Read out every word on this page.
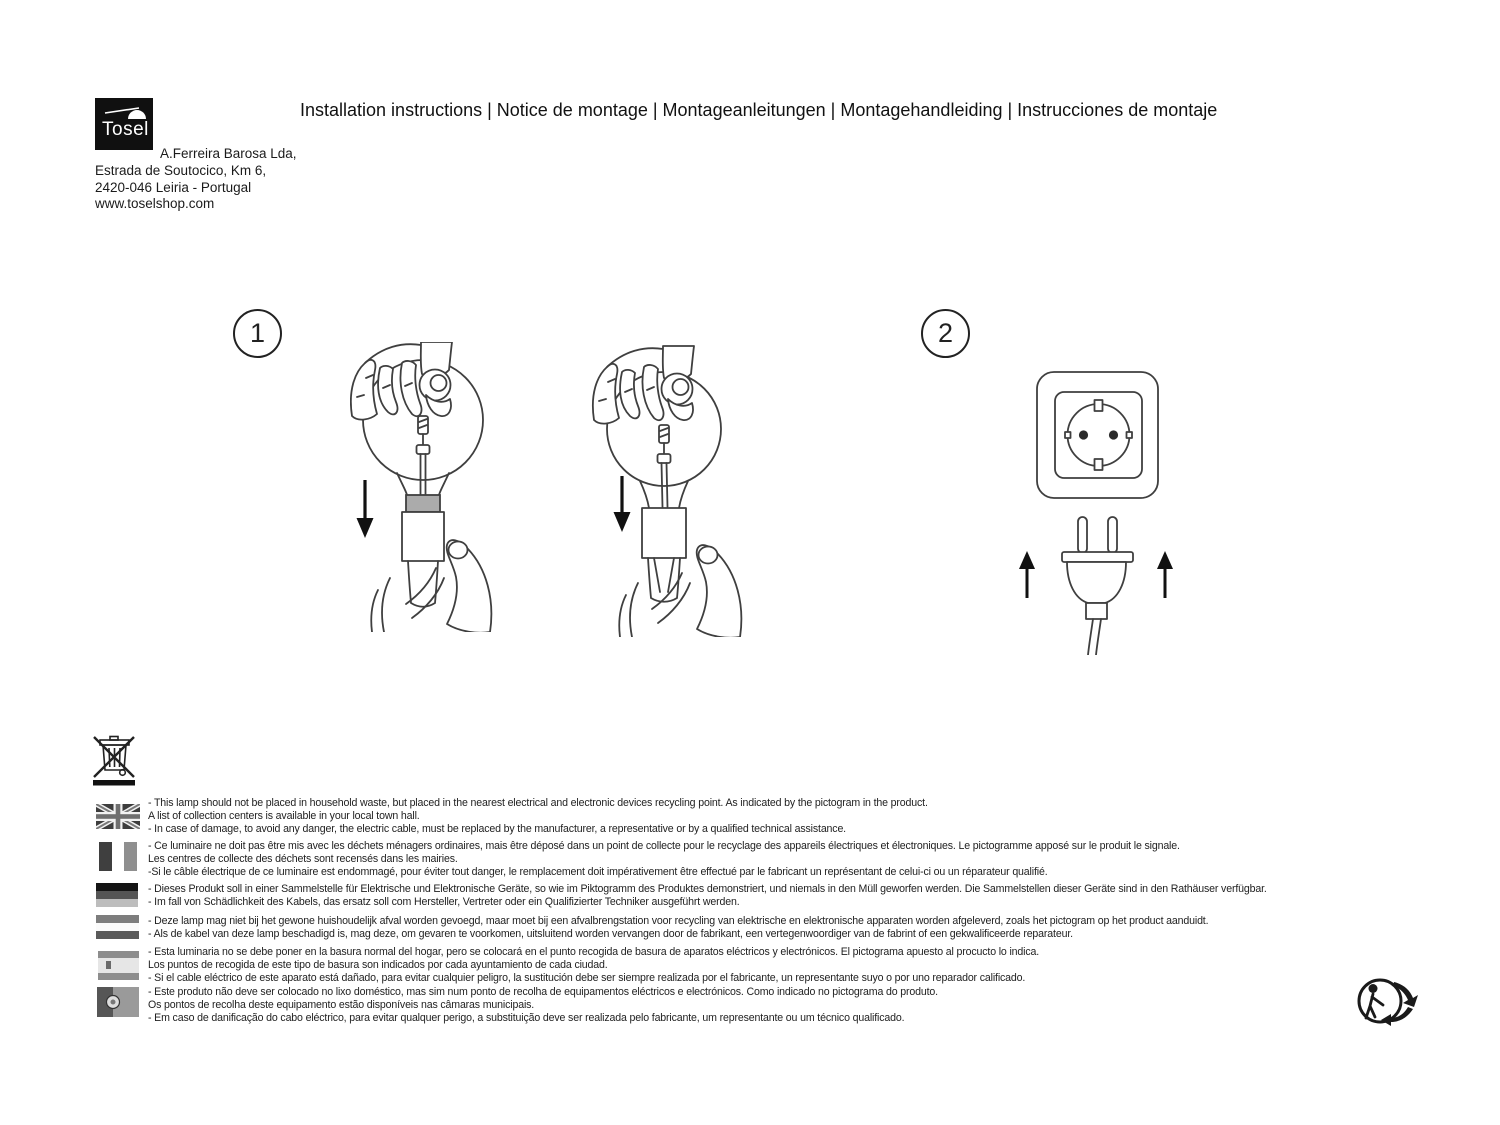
Installation instructions | Notice de montage | Montageanleitungen | Montagehandleiding | Instrucciones de montaje
Tosel
A.Ferreira Barosa Lda,
Estrada de Soutocico, Km 6,
2420-046 Leiria - Portugal
www.toselshop.com
1	2
- This lamp should not be placed in household waste, but placed in the nearest electrical and electronic devices recycling point. As indicated by the pictogram in the product.
A list of collection centers is available in your local town hall.
- In case of damage, to avoid any danger, the electric cable, must be replaced by the manufacturer, a representative or by a qualified technical assistance.
- Ce luminaire ne doit pas être mis avec les déchets ménagers ordinaires, mais être déposé dans un point de collecte pour le recyclage des appareils électriques et électroniques. Le pictogramme apposé sur le produit le signale.
Les centres de collecte des déchets sont recensés dans les mairies.
-Si le câble électrique de ce luminaire est endommagé, pour éviter tout danger, le remplacement doit impérativement être effectué par le fabricant un représentant de celui-ci ou un réparateur qualifié.
- Dieses Produkt soll in einer Sammelstelle für Elektrische und Elektronische Geräte, so wie im Piktogramm des Produktes demonstriert, und niemals in den Müll geworfen werden. Die Sammelstellen dieser Geräte sind in den Rathäuser verfügbar.
- Im fall von Schädlichkeit des Kabels, das ersatz soll com Hersteller, Vertreter oder ein Qualifizierter Techniker ausgeführt werden.
- Deze lamp mag niet bij het gewone huishoudelijk afval worden gevoegd, maar moet bij een afvalbrengstation voor recycling van elektrische en elektronische apparaten worden afgeleverd, zoals het pictogram op het product aanduidt.
- Als de kabel van deze lamp beschadigd is, mag deze, om gevaren te voorkomen, uitsluitend worden vervangen door de fabrikant, een vertegenwoordiger van de fabrint of een gekwalificeerde reparateur.
- Esta luminaria no se debe poner en la basura normal del hogar, pero se colocará en el punto recogida de basura de aparatos eléctricos y electrónicos. El pictograma apuesto al procucto lo indica.
Los puntos de recogida de este tipo de basura son indicados por cada ayuntamiento de cada ciudad.
- Si el cable eléctrico de este aparato está dañado, para evitar cualquier peligro, la sustitución debe ser siempre realizada por el fabricante, un representante suyo o por uno reparador calificado.
- Este produto não deve ser colocado no lixo doméstico, mas sim num ponto de recolha de equipamentos eléctricos e electrónicos. Como indicado no pictograma do produto.
Os pontos de recolha deste equipamento estão disponíveis nas câmaras municipais.
- Em caso de danificação do cabo eléctrico, para evitar qualquer perigo, a substituição deve ser realizada pelo fabricante, um representante ou um técnico qualificado.
